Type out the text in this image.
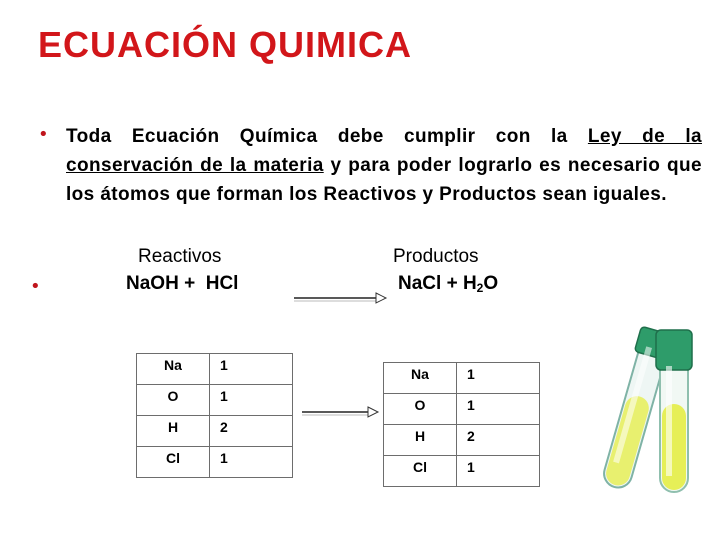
ECUACIÓN QUIMICA
• Toda Ecuación Química debe cumplir con la Ley de la conservación de la materia y para poder lograrlo es necesario que los átomos que forman los Reactivos y Productos sean iguales.
Reactivos	Productos
•	NaOH +  HCl	NaCl + $H_2O$
Na	1
O	1
H	2
Cl	1
Na	1
O	1
H	2
Cl	1
